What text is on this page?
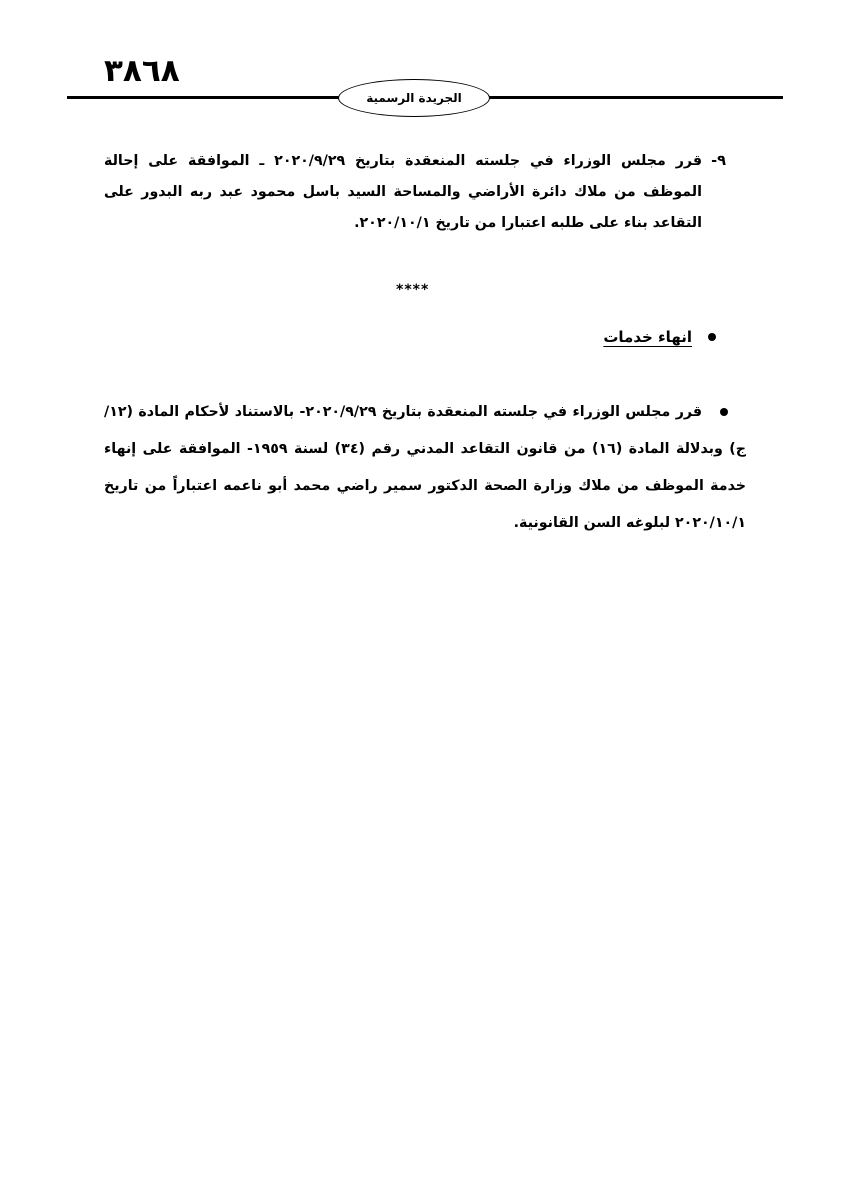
٣٨٦٨
الجريدة الرسمية
٩-
قرر مجلس الوزراء في جلسته المنعقدة بتاريخ ٢٠٢٠/٩/٢٩ ـ الموافقة على إحالة الموظف من ملاك دائرة الأراضي والمساحة السيد باسل محمود عبد ربه البدور على التقاعد بناء على طلبه اعتبارا من تاريخ ٢٠٢٠/١٠/١.
****
انهاء خدمات
قرر مجلس الوزراء في جلسته المنعقدة بتاريخ ٢٠٢٠/٩/٢٩- بالاستناد لأحكام المادة (١٢/ج) وبدلالة المادة (١٦) من قانون التقاعد المدني رقم (٣٤) لسنة ١٩٥٩- الموافقة على إنهاء خدمة الموظف من ملاك وزارة الصحة الدكتور سمير راضي محمد أبو ناعمه اعتباراً من تاريخ ٢٠٢٠/١٠/١ لبلوغه السن القانونية.
